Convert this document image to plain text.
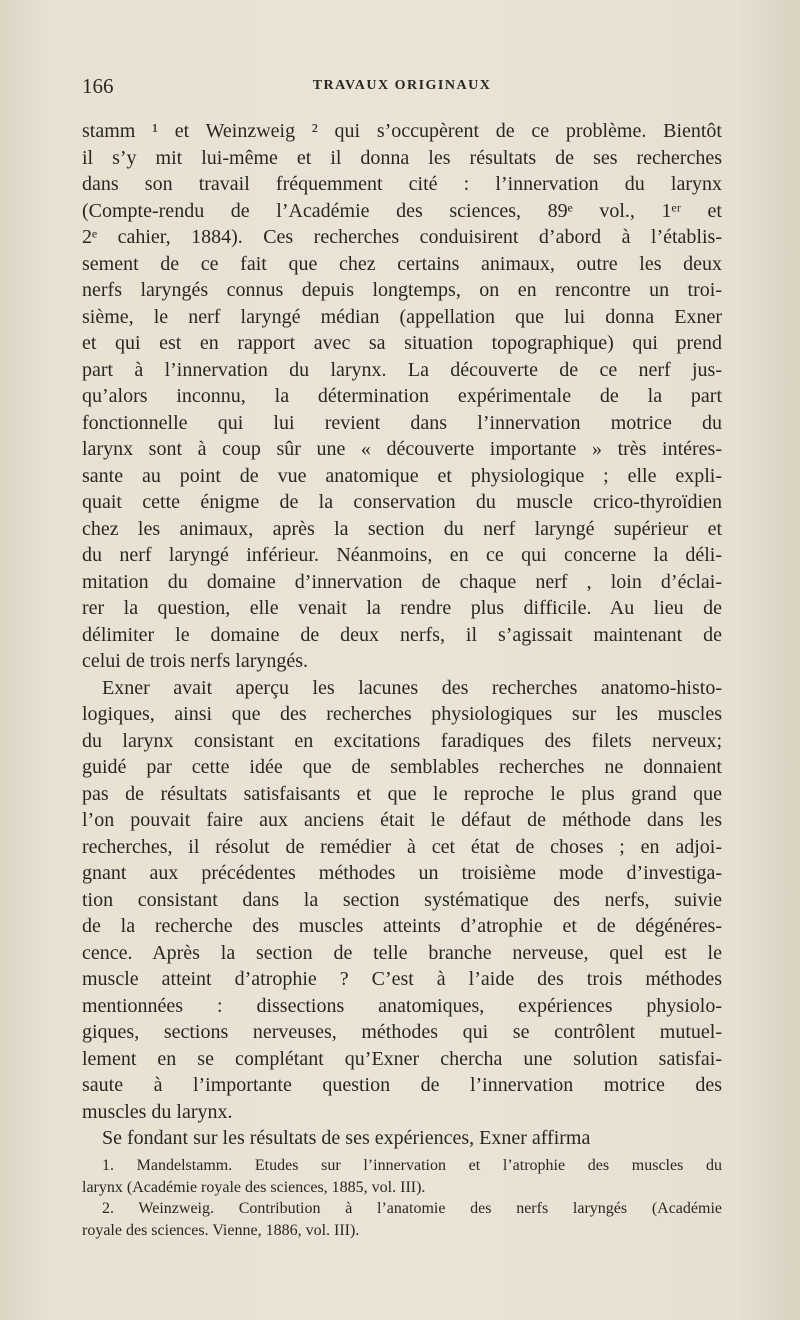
166	TRAVAUX ORIGINAUX
stamm ¹ et Weinzweig ² qui s’occupèrent de ce problème. Bientôt
il s’y mit lui-même et il donna les résultats de ses recherches
dans son travail fréquemment cité : l’innervation du larynx
(Compte-rendu de l’Académie des sciences, 89ᵉ vol., 1ᵉʳ et
2ᵉ cahier, 1884). Ces recherches conduisirent d’abord à l’établis-
sement de ce fait que chez certains animaux, outre les deux
nerfs laryngés connus depuis longtemps, on en rencontre un troi-
sième, le nerf laryngé médian (appellation que lui donna Exner
et qui est en rapport avec sa situation topographique) qui prend
part à l’innervation du larynx. La découverte de ce nerf jus-
qu’alors inconnu, la détermination expérimentale de la part
fonctionnelle qui lui revient dans l’innervation motrice du
larynx sont à coup sûr une « découverte importante » très intéres-
sante au point de vue anatomique et physiologique ; elle expli-
quait cette énigme de la conservation du muscle crico-thyroïdien
chez les animaux, après la section du nerf laryngé supérieur et
du nerf laryngé inférieur. Néanmoins, en ce qui concerne la déli-
mitation du domaine d’innervation de chaque nerf , loin d’éclai-
rer la question, elle venait la rendre plus difficile. Au lieu de
délimiter le domaine de deux nerfs, il s’agissait maintenant de
celui de trois nerfs laryngés.
Exner avait aperçu les lacunes des recherches anatomo-histo-
logiques, ainsi que des recherches physiologiques sur les muscles
du larynx consistant en excitations faradiques des filets nerveux;
guidé par cette idée que de semblables recherches ne donnaient
pas de résultats satisfaisants et que le reproche le plus grand que
l’on pouvait faire aux anciens était le défaut de méthode dans les
recherches, il résolut de remédier à cet état de choses ; en adjoi-
gnant aux précédentes méthodes un troisième mode d’investiga-
tion consistant dans la section systématique des nerfs, suivie
de la recherche des muscles atteints d’atrophie et de dégénéres-
cence. Après la section de telle branche nerveuse, quel est le
muscle atteint d’atrophie ? C’est à l’aide des trois méthodes
mentionnées : dissections anatomiques, expériences physiolo-
giques, sections nerveuses, méthodes qui se contrôlent mutuel-
lement en se complétant qu’Exner chercha une solution satisfai-
saute à l’importante question de l’innervation motrice des
muscles du larynx.
Se fondant sur les résultats de ses expériences, Exner affirma
1. Mandelstamm. Etudes sur l’innervation et l’atrophie des muscles du
larynx (Académie royale des sciences, 1885, vol. III).
2. Weinzweig. Contribution à l’anatomie des nerfs laryngés (Académie
royale des sciences. Vienne, 1886, vol. III).
